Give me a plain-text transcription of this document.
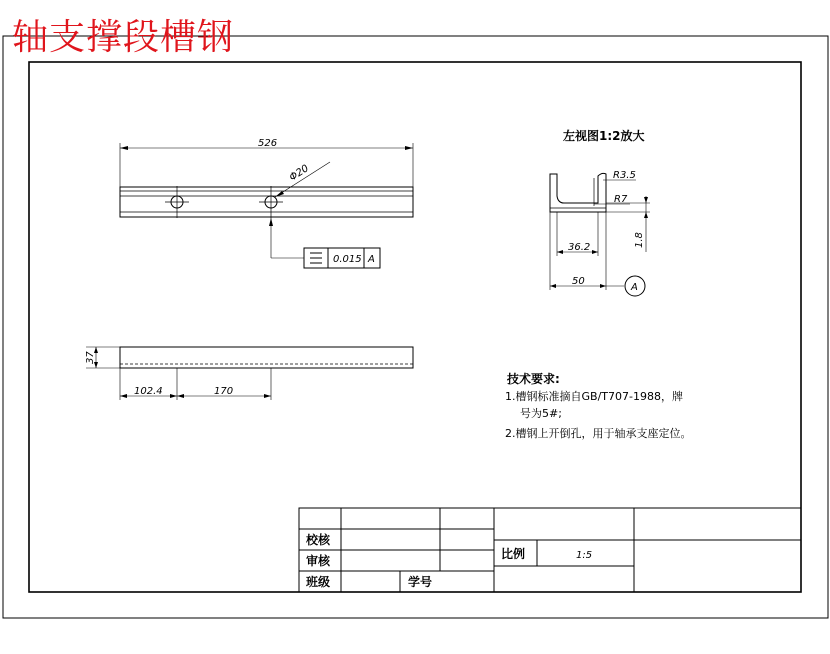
轴支撑段槽钢
526
Φ20
0.015 A
37
102.4	170
左视图1:2放大
R3.5
R7
36.2
50
A
1.8
技术要求:
1.槽钢标准摘自GB/T707-1988，牌
号为5#;
2.槽钢上开倒孔，用于轴承支座定位。
校核
审核
班级	学号
比例	1:5
